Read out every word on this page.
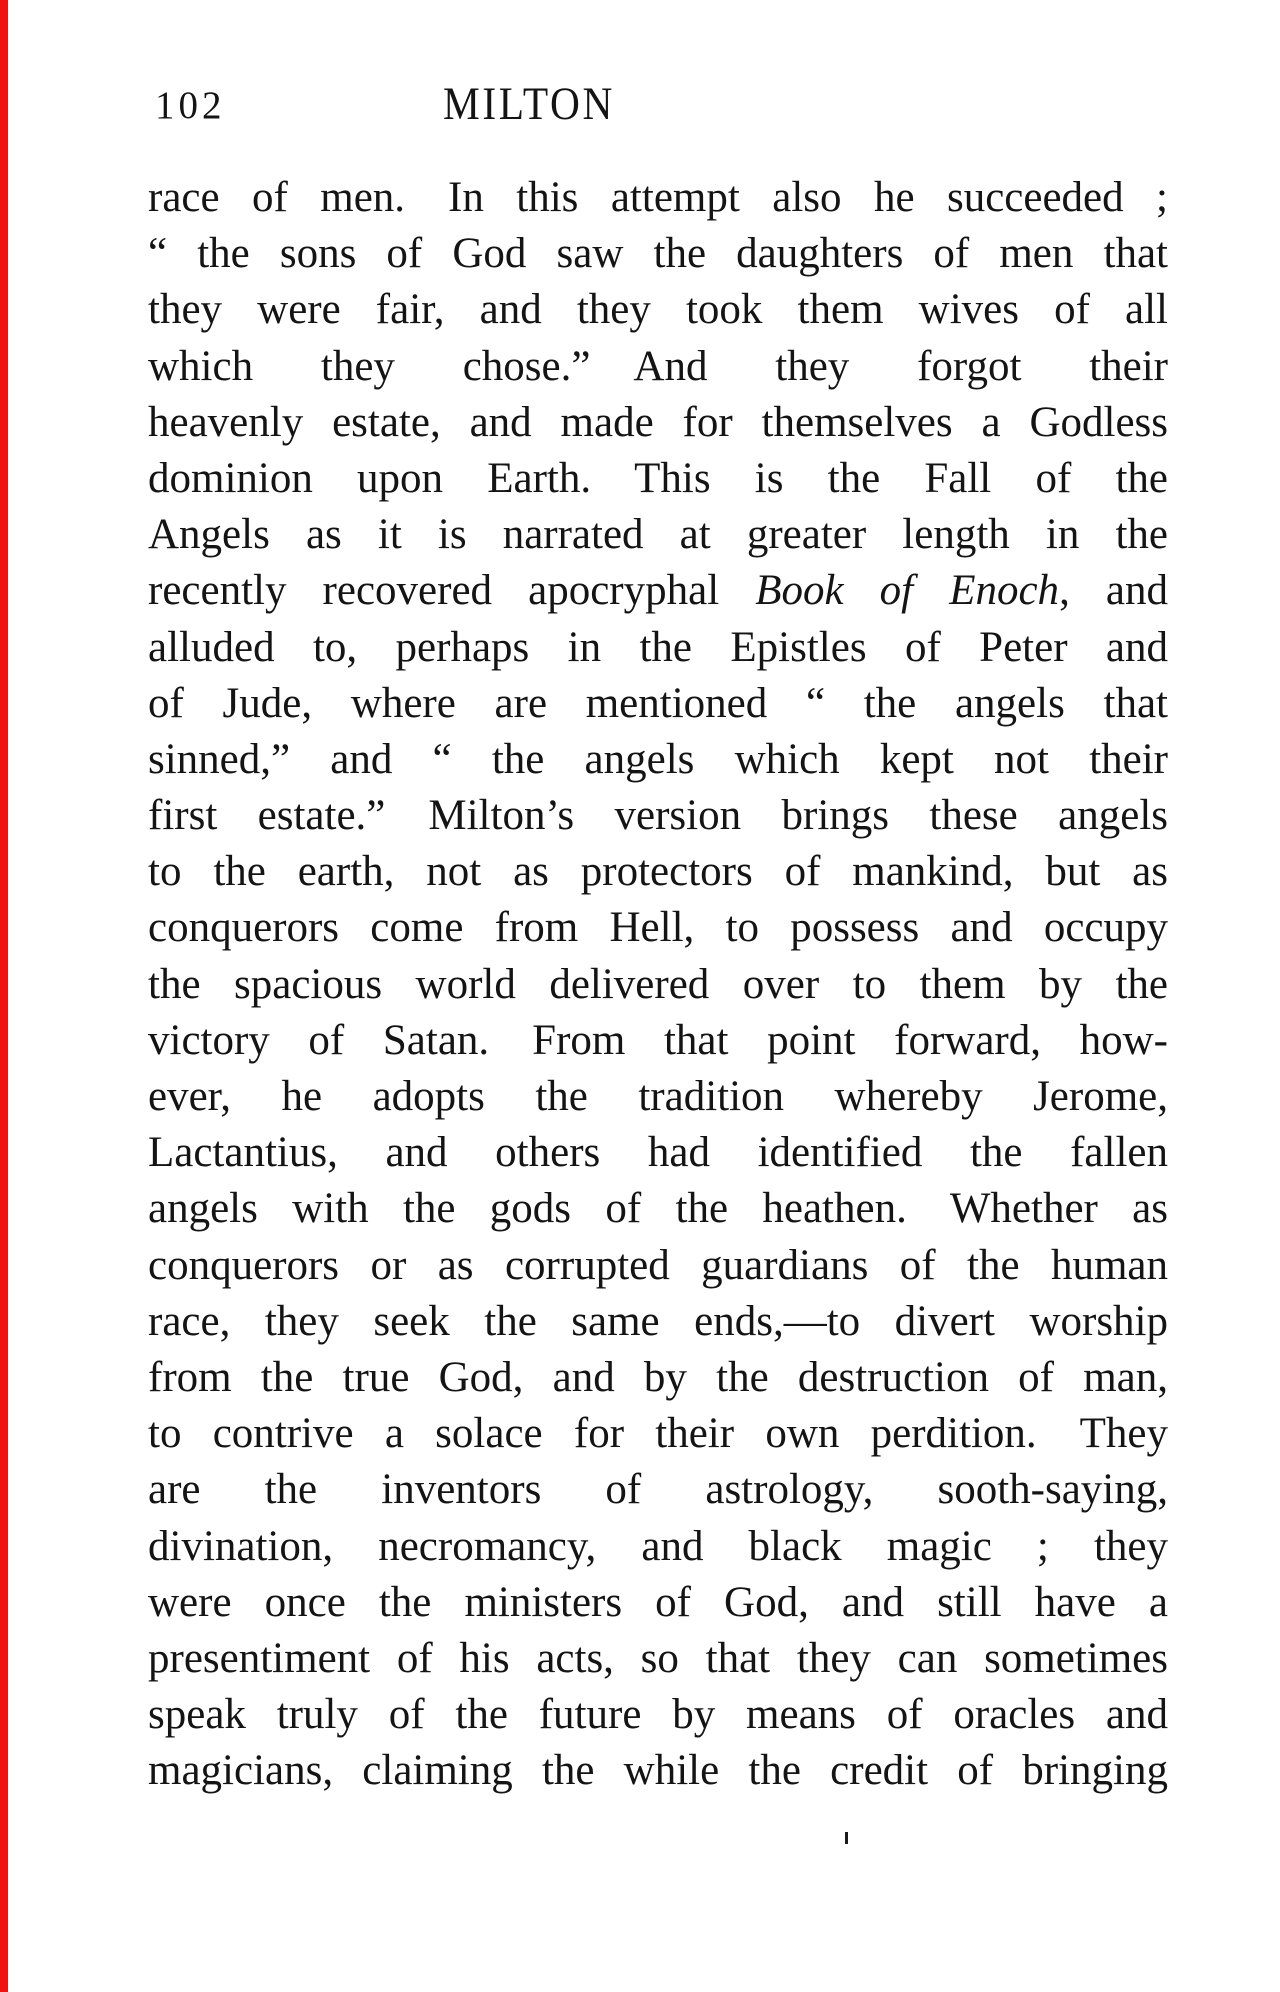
102	MILTON
race of men. In this attempt also he succeeded ;
“ the sons of God saw the daughters of men that
they were fair, and they took them wives of all
which they chose.” And they forgot their
heavenly estate, and made for themselves a Godless
dominion upon Earth. This is the Fall of the
Angels as it is narrated at greater length in the
recently recovered apocryphal Book of Enoch, and
alluded to, perhaps in the Epistles of Peter and
of Jude, where are mentioned “ the angels that
sinned,” and “ the angels which kept not their
first estate.” Milton’s version brings these angels
to the earth, not as protectors of mankind, but as
conquerors come from Hell, to possess and occupy
the spacious world delivered over to them by the
victory of Satan. From that point forward, how-
ever, he adopts the tradition whereby Jerome,
Lactantius, and others had identified the fallen
angels with the gods of the heathen. Whether as
conquerors or as corrupted guardians of the human
race, they seek the same ends,—to divert worship
from the true God, and by the destruction of man,
to contrive a solace for their own perdition. They
are the inventors of astrology, sooth-saying,
divination, necromancy, and black magic ; they
were once the ministers of God, and still have a
presentiment of his acts, so that they can sometimes
speak truly of the future by means of oracles and
magicians, claiming the while the credit of bringing
